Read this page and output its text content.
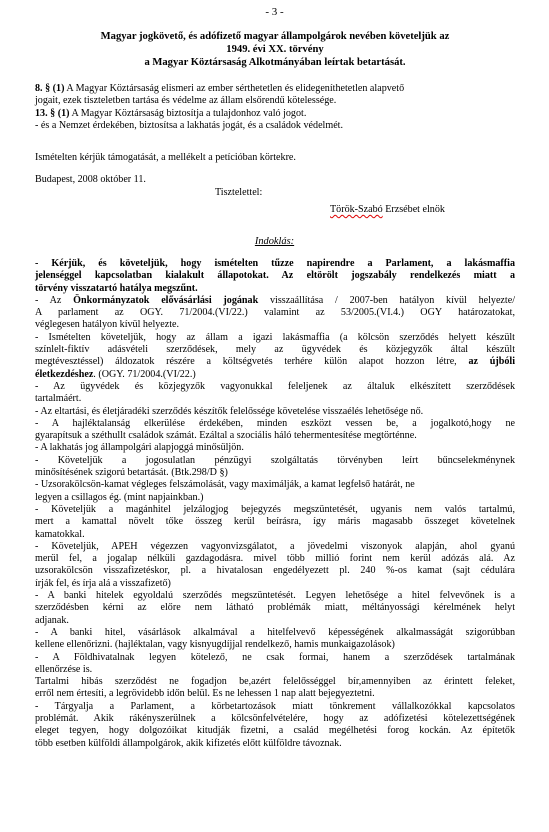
- 3 -
Magyar jogkövető, és adófizető magyar állampolgárok nevében követeljük az
1949. évi XX. törvény
a Magyar Köztársaság Alkotmányában leírtak betartását.
8. § (1) A Magyar Köztársaság elismeri az ember sérthetetlen és elidegeníthetetlen alapvető
jogait, ezek tiszteletben tartása és védelme az állam elsőrendű kötelessége.
13. § (1) A Magyar Köztársaság biztosítja a tulajdonhoz való jogot.
- és a Nemzet érdekében, biztosítsa a lakhatás jogát, és a családok védelmét.
Ismételten kérjük támogatását, a mellékelt a petícióban körtekre.
Budapest, 2008 október 11.
Tisztelettel:
Török-Szabó Erzsébet elnök
Indoklás:
- Kérjük, és követeljük, hogy ismételten tűzze napirendre a Parlament, a lakásmaffia
jelenséggel kapcsolatban kialakult állapotokat. Az eltörölt jogszabály rendelkezés miatt a
törvény visszatartó hatálya megszűnt.
- Az Önkormányzatok elővásárlási jogának visszaállítása / 2007-ben hatályon kívül helyezte/
A parlament az OGY. 71/2004.(VI/22.) valamint az 53/2005.(VI.4.) OGY határozatokat,
véglegesen hatályon kívül helyezte.
- Ismételten követeljük, hogy az állam a igazi lakásmaffia (a kölcsön szerződés helyett készült
színlelt-fiktív adásvételi szerződések, mely az ügyvédek és közjegyzők által készült
megtévesztéssel) áldozatok részére a költségvetés terhére külön alapot hozzon létre, az újbóli
életkezdéshez. (OGY. 71/2004.(VI/22.)
- Az ügyvédek és közjegyzők vagyonukkal feleljenek az általuk elkészített szerződések
tartalmáért.
- Az eltartási, és életjáradéki szerződés készítők felelőssége követelése visszaélés lehetősége nő.
- A hajléktalanság elkerülése érdekében, minden eszközt vessen be, a jogalkotó,hogy ne
gyarapítsuk a széthullt családok számát. Ezáltal a szociális háló tehermentesítése megtörténne.
- A lakhatás jog állampolgári alapjoggá minősüljön.
- Követeljük a jogosulatlan pénzügyi szolgáltatás törvényben leírt bűncselekménynek
minősítésének szigorú betartását. (Btk.298/D §)
- Uzsorakölcsön-kamat végleges felszámolását, vagy maximálják, a kamat legfelső határát, ne
legyen a csillagos ég. (mint napjainkban.)
- Követeljük a magánhitel jelzálogjog bejegyzés megszüntetését, ugyanis nem valós tartalmú,
mert a kamattal növelt tőke összeg kerül beírásra, így máris magasabb összeget követelnek
kamatokkal.
- Követeljük, APEH végezzen vagyonvizsgálatot, a jövedelmi viszonyok alapján, ahol gyanú
merül fel, a jogalap nélküli gazdagodásra. mivel több millió forint nem kerül adózás alá. Az
uzsorakölcsön visszafizetéskor, pl. a hivatalosan engedélyezett pl. 240 %-os kamat (sajt cédulára
írják fel, és írja alá a visszafizető)
- A banki hitelek egyoldalú szerződés megszüntetését. Legyen lehetősége a hitel felvevőnek is a
szerződésben kérni az előre nem látható problémák miatt, méltányossági kérelmének helyt
adjanak.
- A banki hitel, vásárlások alkalmával a hitelfelvevő képességének alkalmasságát szigorúbban
kellene ellenőrizni. (hajléktalan, vagy kisnyugdíjjal rendelkező, hamis munkaigazolások)
- A Földhivatalnak legyen kötelező, ne csak formai, hanem a szerződések tartalmának
ellenőrzése is.
Tartalmi hibás szerződést ne fogadjon be,azért felelősséggel bír,amennyiben az érintett feleket,
erről nem értesíti, a legrövidebb időn belül. Es ne lehessen 1 nap alatt bejegyeztetni.
- Tárgyalja a Parlament, a körbetartozások miatt tönkrement vállalkozókkal kapcsolatos
problémát. Akik rákényszerülnek a kölcsönfelvételére, hogy az adófizetési kötelezettségének
eleget tegyen, hogy dolgozóikat kitudják fizetni, a család megélhetési forog kockán. Az építetők
több esetben külföldi állampolgárok, akik kifizetés előtt külföldre távoznak.
